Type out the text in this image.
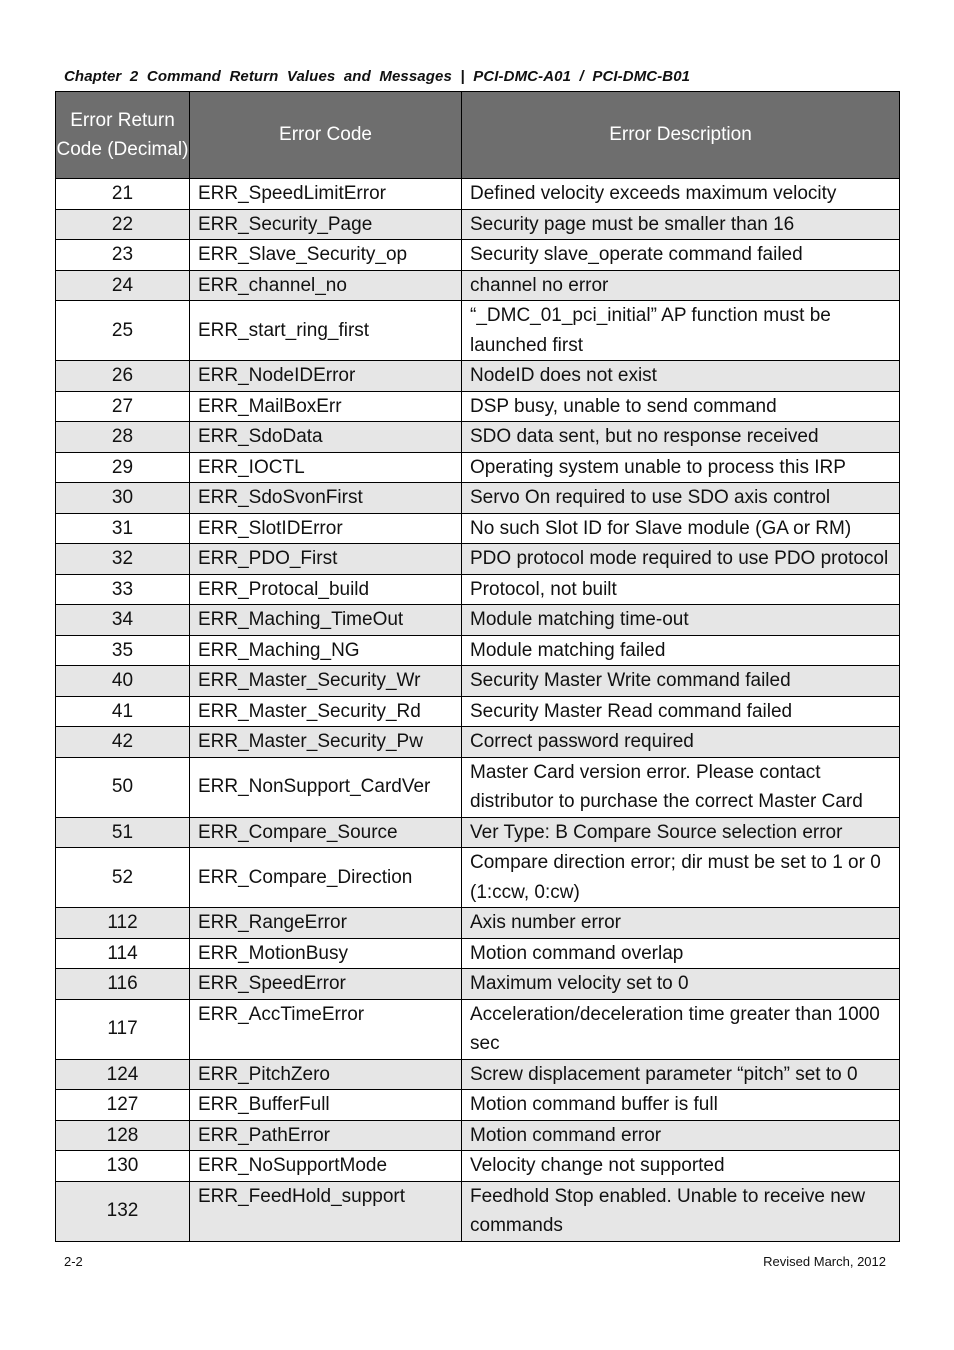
Chapter  2  Command  Return  Values  and  Messages  |  PCI-DMC-A01  /  PCI-DMC-B01
Error Return Code (Decimal)	Error Code	Error Description
21	ERR_SpeedLimitError	Defined velocity exceeds maximum velocity
22	ERR_Security_Page	Security page must be smaller than 16
23	ERR_Slave_Security_op	Security slave_operate command failed
24	ERR_channel_no	channel no error
25	ERR_start_ring_first	“_DMC_01_pci_initial” AP function must be launched first
26	ERR_NodeIDError	NodeID does not exist
27	ERR_MailBoxErr	DSP busy, unable to send command
28	ERR_SdoData	SDO data sent, but no response received
29	ERR_IOCTL	Operating system unable to process this IRP
30	ERR_SdoSvonFirst	Servo On required to use SDO axis control
31	ERR_SlotIDError	No such Slot ID for Slave module (GA or RM)
32	ERR_PDO_First	PDO protocol mode required to use PDO protocol
33	ERR_Protocal_build	Protocol, not built
34	ERR_Maching_TimeOut	Module matching time-out
35	ERR_Maching_NG	Module matching failed
40	ERR_Master_Security_Wr	Security Master Write command failed
41	ERR_Master_Security_Rd	Security Master Read command failed
42	ERR_Master_Security_Pw	Correct password required
50	ERR_NonSupport_CardVer	Master Card version error. Please contact distributor to purchase the correct Master Card
51	ERR_Compare_Source	Ver Type: B Compare Source selection error
52	ERR_Compare_Direction	Compare direction error; dir must be set to 1 or 0 (1:ccw, 0:cw)
112	ERR_RangeError	Axis number error
114	ERR_MotionBusy	Motion command overlap
116	ERR_SpeedError	Maximum velocity set to 0
117	ERR_AccTimeError	Acceleration/deceleration time greater than 1000 sec
124	ERR_PitchZero	Screw displacement parameter “pitch” set to 0
127	ERR_BufferFull	Motion command buffer is full
128	ERR_PathError	Motion command error
130	ERR_NoSupportMode	Velocity change not supported
132	ERR_FeedHold_support	Feedhold Stop enabled. Unable to receive new commands
2-2	Revised March, 2012
